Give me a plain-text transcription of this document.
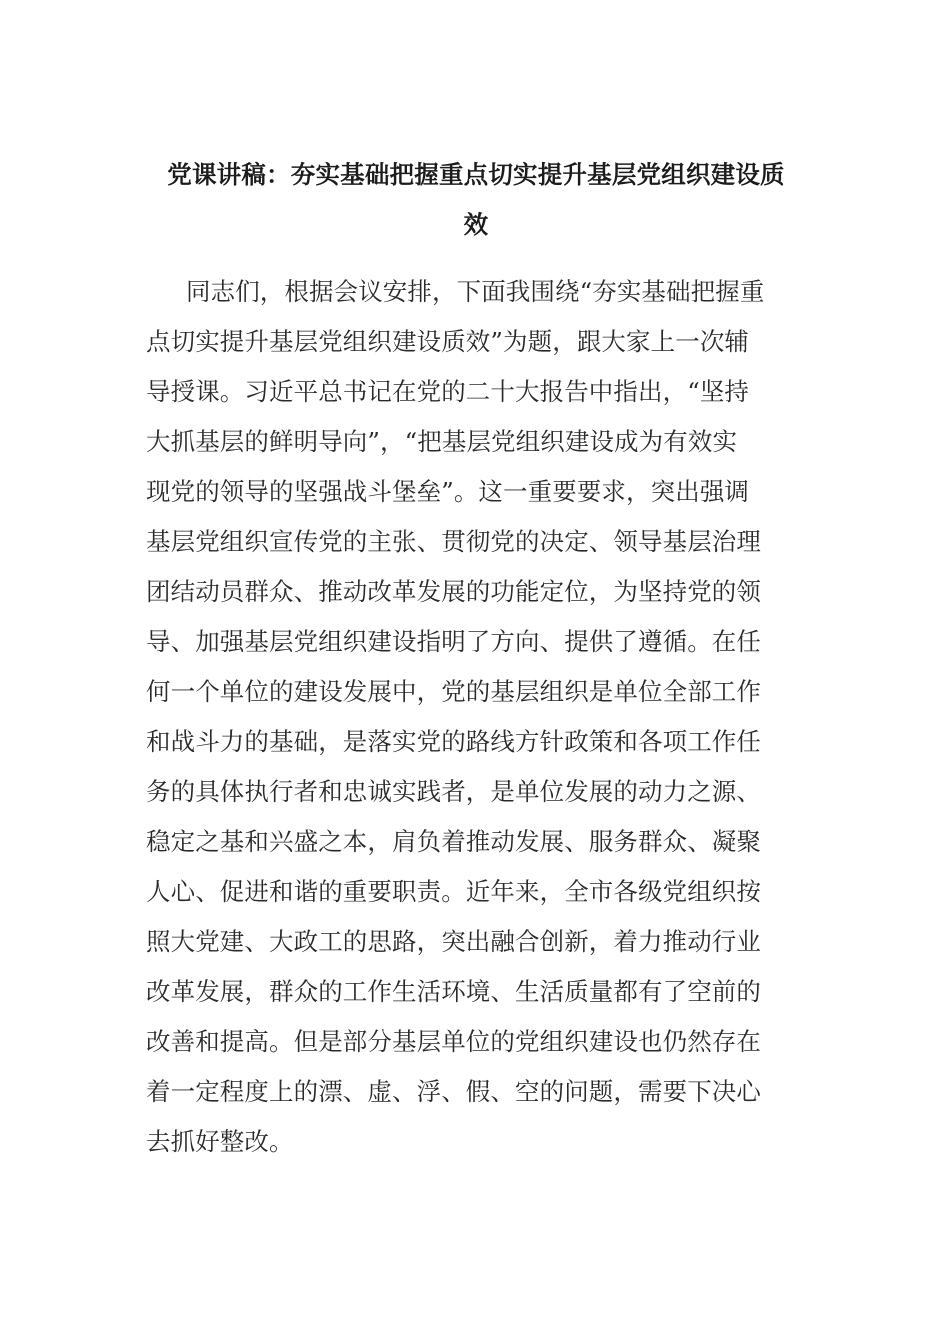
党课讲稿：夯实基础把握重点切实提升基层党组织建设质
效
同志们，根据会议安排，下面我围绕“夯实基础把握重
点切实提升基层党组织建设质效”为题，跟大家上一次辅
导授课。习近平总书记在党的二十大报告中指出，“坚持
大抓基层的鲜明导向”，“把基层党组织建设成为有效实
现党的领导的坚强战斗堡垒”。这一重要要求，突出强调
基层党组织宣传党的主张、贯彻党的决定、领导基层治理
团结动员群众、推动改革发展的功能定位，为坚持党的领
导、加强基层党组织建设指明了方向、提供了遵循。在任
何一个单位的建设发展中，党的基层组织是单位全部工作
和战斗力的基础，是落实党的路线方针政策和各项工作任
务的具体执行者和忠诚实践者，是单位发展的动力之源、
稳定之基和兴盛之本，肩负着推动发展、服务群众、凝聚
人心、促进和谐的重要职责。近年来，全市各级党组织按
照大党建、大政工的思路，突出融合创新，着力推动行业
改革发展，群众的工作生活环境、生活质量都有了空前的
改善和提高。但是部分基层单位的党组织建设也仍然存在
着一定程度上的漂、虚、浮、假、空的问题，需要下决心
去抓好整改。
